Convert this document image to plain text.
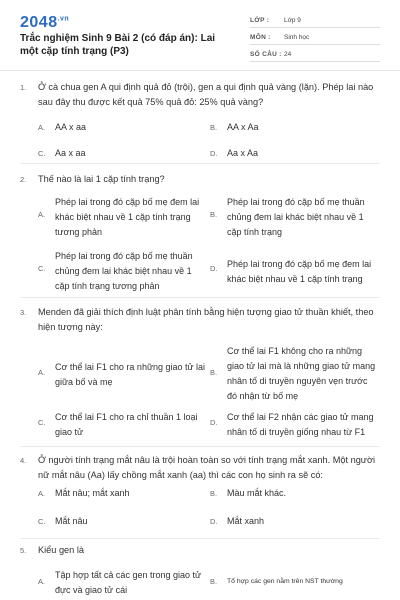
$2048^{.vn}$
Trắc nghiệm Sinh 9 Bài 2 (có đáp án): Lai một cặp tính trạng (P3)
LỚP : Lớp 9
MÔN : Sinh học
SỐ CÂU : 24
1. Ở cà chua gen A qui định quả đỏ (trội), gen a qui định quả vàng (lặn). Phép lai nào sau đây thu được kết quả 75% quả đỏ: 25% quả vàng?
A. AA x aa	B. AA x Aa
C. Aa x aa	D. Aa x Aa
2. Thế nào là lai 1 cặp tính trạng?
A.
Phép lai trong đó cặp bố mẹ đem lai khác biệt nhau về 1 cặp tính trạng tương phản
B.
Phép lai trong đó cặp bố mẹ thuần chủng đem lai khác biệt nhau về 1 cặp tính trạng
C.
Phép lai trong đó cặp bố mẹ thuần chủng đem lai khác biệt nhau về 1 cặp tính trạng tương phản
D. Phép lai trong đó cặp bố mẹ đem lai khác biệt nhau về 1 cặp tính trạng
3. Menden đã giải thích định luật phân tính bằng hiện tượng giao tử thuần khiết, theo hiện tượng này:
A.
Cơ thể lai F1 cho ra những giao tử lai giữa bố và mẹ
B.
Cơ thể lai F1 không cho ra những giao tử lai mà là những giao tử mang nhân tố di truyền nguyên vẹn trước đó nhận từ bố mẹ
C.
Cơ thể lai F1 cho ra chỉ thuần 1 loại giao tử
D.
Cơ thể lai F2 nhận các giao tử mang nhân tố di truyền giống nhau từ F1
4. Ở người tính trạng mắt nâu là trội hoàn toàn so với tính trạng mắt xanh. Một người nữ mắt nâu (Aa) lấy chồng mắt xanh (aa) thì các con họ sinh ra sẽ có:
A. Mắt nâu; mắt xanh	B. Màu mắt khác.
C. Mắt nâu	D. Mắt xanh
5. Kiểu gen là
A.
Tập hợp tất cả các gen trong giao tử đực và giao tử cái
B. Tổ hợp các gen nằm trên NST thường
